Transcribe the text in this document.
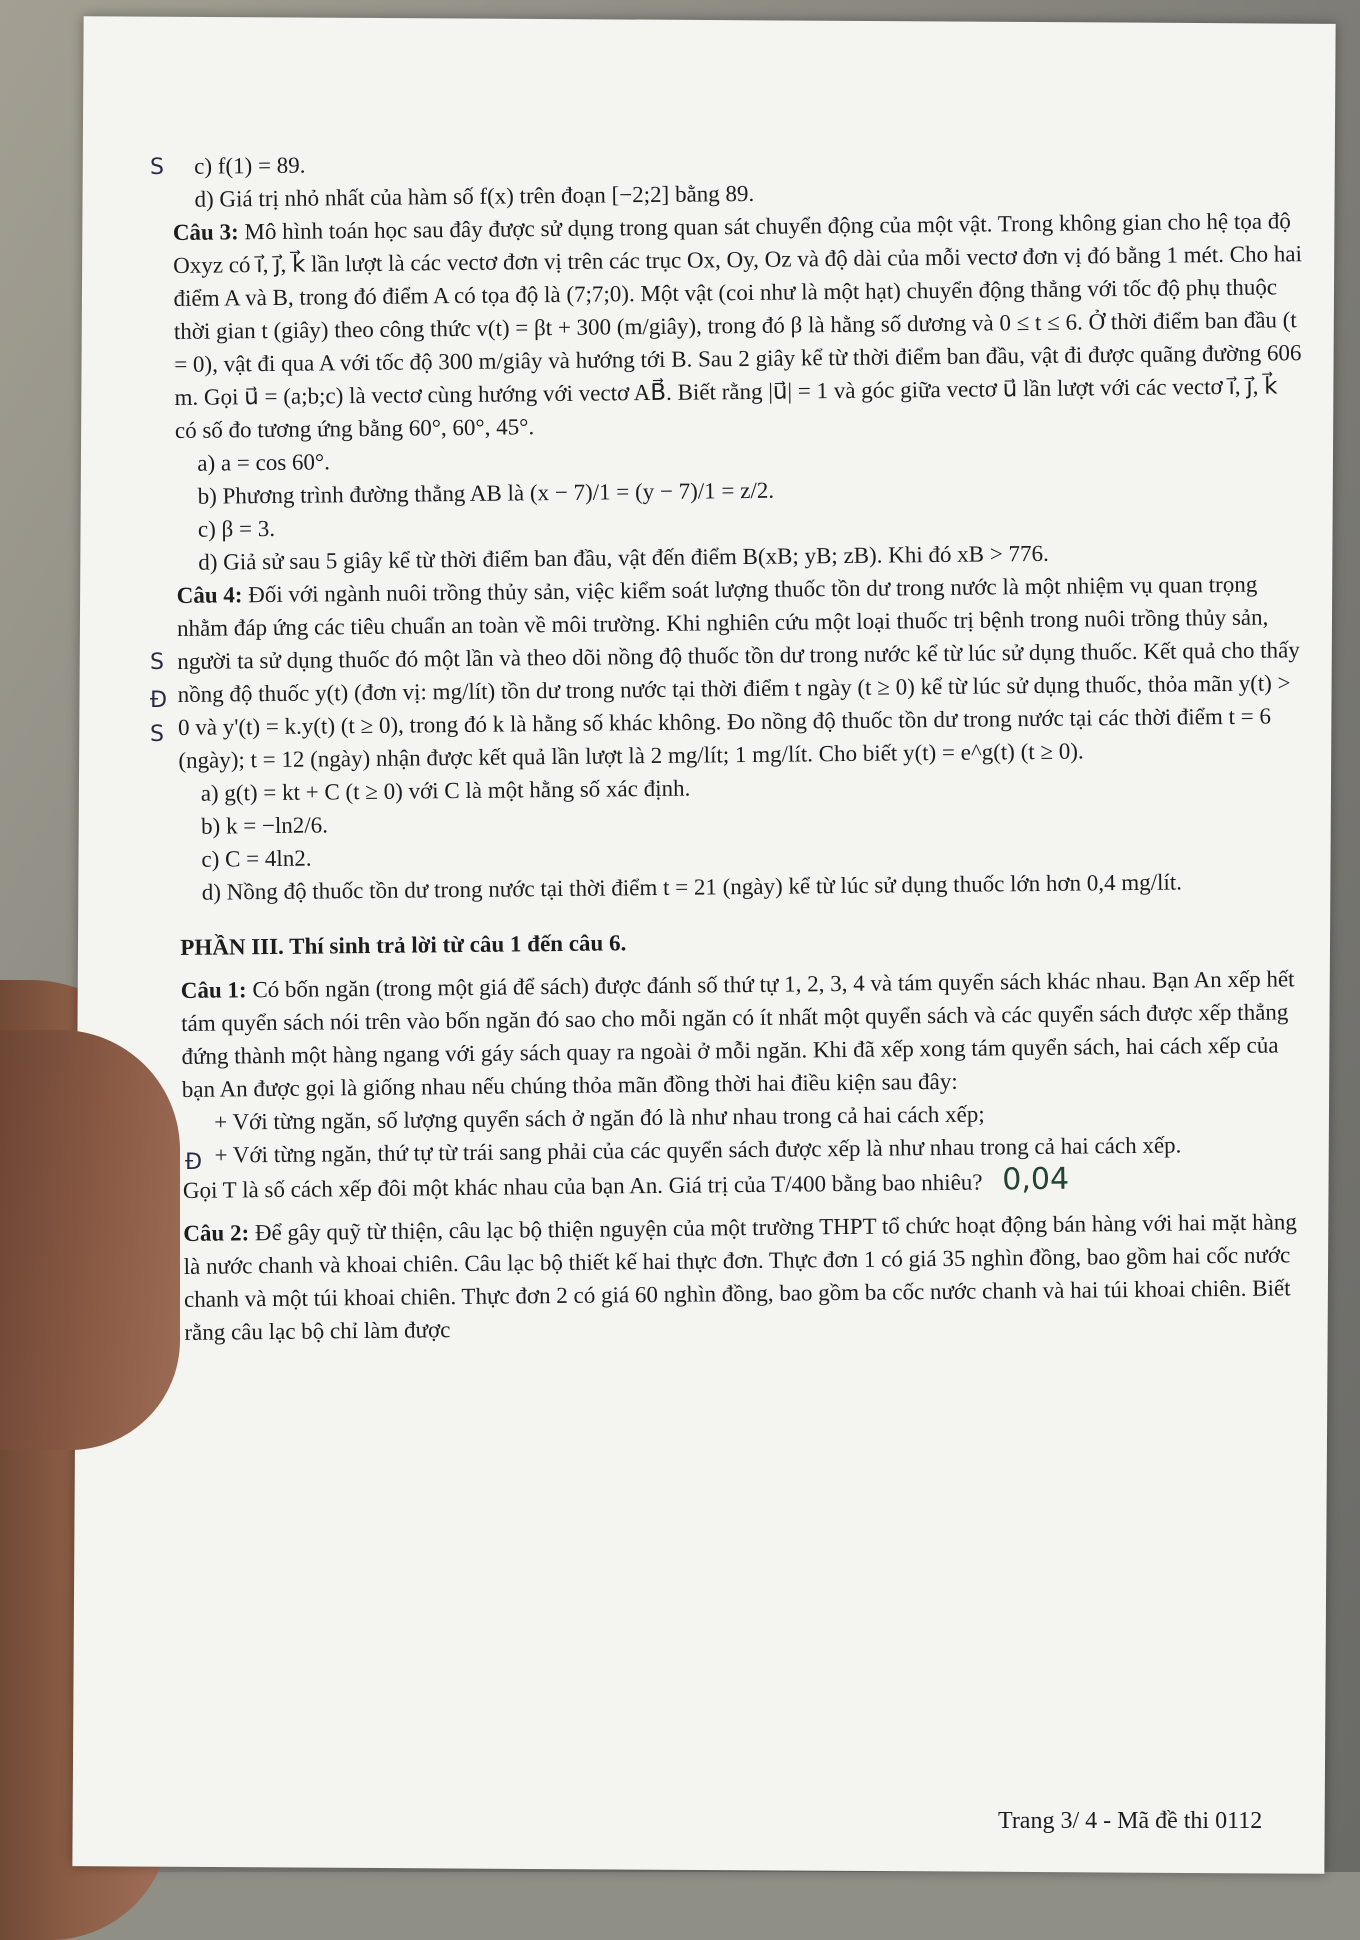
c) f(1) = 89.

d) Giá trị nhỏ nhất của hàm số f(x) trên đoạn [−2;2] bằng 89.

Câu 3: Mô hình toán học sau đây được sử dụng trong quan sát chuyển động của một vật. Trong không gian cho hệ tọa độ Oxyz có i⃗, j⃗, k⃗ lần lượt là các vectơ đơn vị trên các trục Ox, Oy, Oz và độ dài của mỗi vectơ đơn vị đó bằng 1 mét. Cho hai điểm A và B, trong đó điểm A có tọa độ là (7;7;0). Một vật (coi như là một hạt) chuyển động thẳng với tốc độ phụ thuộc thời gian t (giây) theo công thức v(t) = βt + 300 (m/giây), trong đó β là hằng số dương và 0 ≤ t ≤ 6. Ở thời điểm ban đầu (t = 0), vật đi qua A với tốc độ 300 m/giây và hướng tới B. Sau 2 giây kể từ thời điểm ban đầu, vật đi được quãng đường 606 m. Gọi u⃗ = (a;b;c) là vectơ cùng hướng với vectơ AB⃗. Biết rằng |u⃗| = 1 và góc giữa vectơ u⃗ lần lượt với các vectơ i⃗, j⃗, k⃗ có số đo tương ứng bằng 60°, 60°, 45°.

a) a = cos 60°.

b) Phương trình đường thẳng AB là (x − 7)/1 = (y − 7)/1 = z/2.

c) β = 3.

d) Giả sử sau 5 giây kể từ thời điểm ban đầu, vật đến điểm B(xB; yB; zB). Khi đó xB > 776.

Câu 4: Đối với ngành nuôi trồng thủy sản, việc kiểm soát lượng thuốc tồn dư trong nước là một nhiệm vụ quan trọng nhằm đáp ứng các tiêu chuẩn an toàn về môi trường. Khi nghiên cứu một loại thuốc trị bệnh trong nuôi trồng thủy sản, người ta sử dụng thuốc đó một lần và theo dõi nồng độ thuốc tồn dư trong nước kể từ lúc sử dụng thuốc. Kết quả cho thấy nồng độ thuốc y(t) (đơn vị: mg/lít) tồn dư trong nước tại thời điểm t ngày (t ≥ 0) kể từ lúc sử dụng thuốc, thỏa mãn y(t) > 0 và y'(t) = k.y(t) (t ≥ 0), trong đó k là hằng số khác không. Đo nồng độ thuốc tồn dư trong nước tại các thời điểm t = 6 (ngày); t = 12 (ngày) nhận được kết quả lần lượt là 2 mg/lít; 1 mg/lít. Cho biết y(t) = e^g(t) (t ≥ 0).

a) g(t) = kt + C (t ≥ 0) với C là một hằng số xác định.

b) k = −ln2/6.

c) C = 4ln2.

d) Nồng độ thuốc tồn dư trong nước tại thời điểm t = 21 (ngày) kể từ lúc sử dụng thuốc lớn hơn 0,4 mg/lít.

PHẦN III. Thí sinh trả lời từ câu 1 đến câu 6.

Câu 1: Có bốn ngăn (trong một giá để sách) được đánh số thứ tự 1, 2, 3, 4 và tám quyển sách khác nhau. Bạn An xếp hết tám quyển sách nói trên vào bốn ngăn đó sao cho mỗi ngăn có ít nhất một quyển sách và các quyển sách được xếp thẳng đứng thành một hàng ngang với gáy sách quay ra ngoài ở mỗi ngăn. Khi đã xếp xong tám quyển sách, hai cách xếp của bạn An được gọi là giống nhau nếu chúng thỏa mãn đồng thời hai điều kiện sau đây:

+ Với từng ngăn, số lượng quyển sách ở ngăn đó là như nhau trong cả hai cách xếp;

+ Với từng ngăn, thứ tự từ trái sang phải của các quyển sách được xếp là như nhau trong cả hai cách xếp.

Gọi T là số cách xếp đôi một khác nhau của bạn An. Giá trị của T/400 bằng bao nhiêu? 0,04

Câu 2: Để gây quỹ từ thiện, câu lạc bộ thiện nguyện của một trường THPT tổ chức hoạt động bán hàng với hai mặt hàng là nước chanh và khoai chiên. Câu lạc bộ thiết kế hai thực đơn. Thực đơn 1 có giá 35 nghìn đồng, bao gồm hai cốc nước chanh và một túi khoai chiên. Thực đơn 2 có giá 60 nghìn đồng, bao gồm ba cốc nước chanh và hai túi khoai chiên. Biết rằng câu lạc bộ chỉ làm được

S
S
Đ
S
Đ
Trang 3/ 4 - Mã đề thi 0112
